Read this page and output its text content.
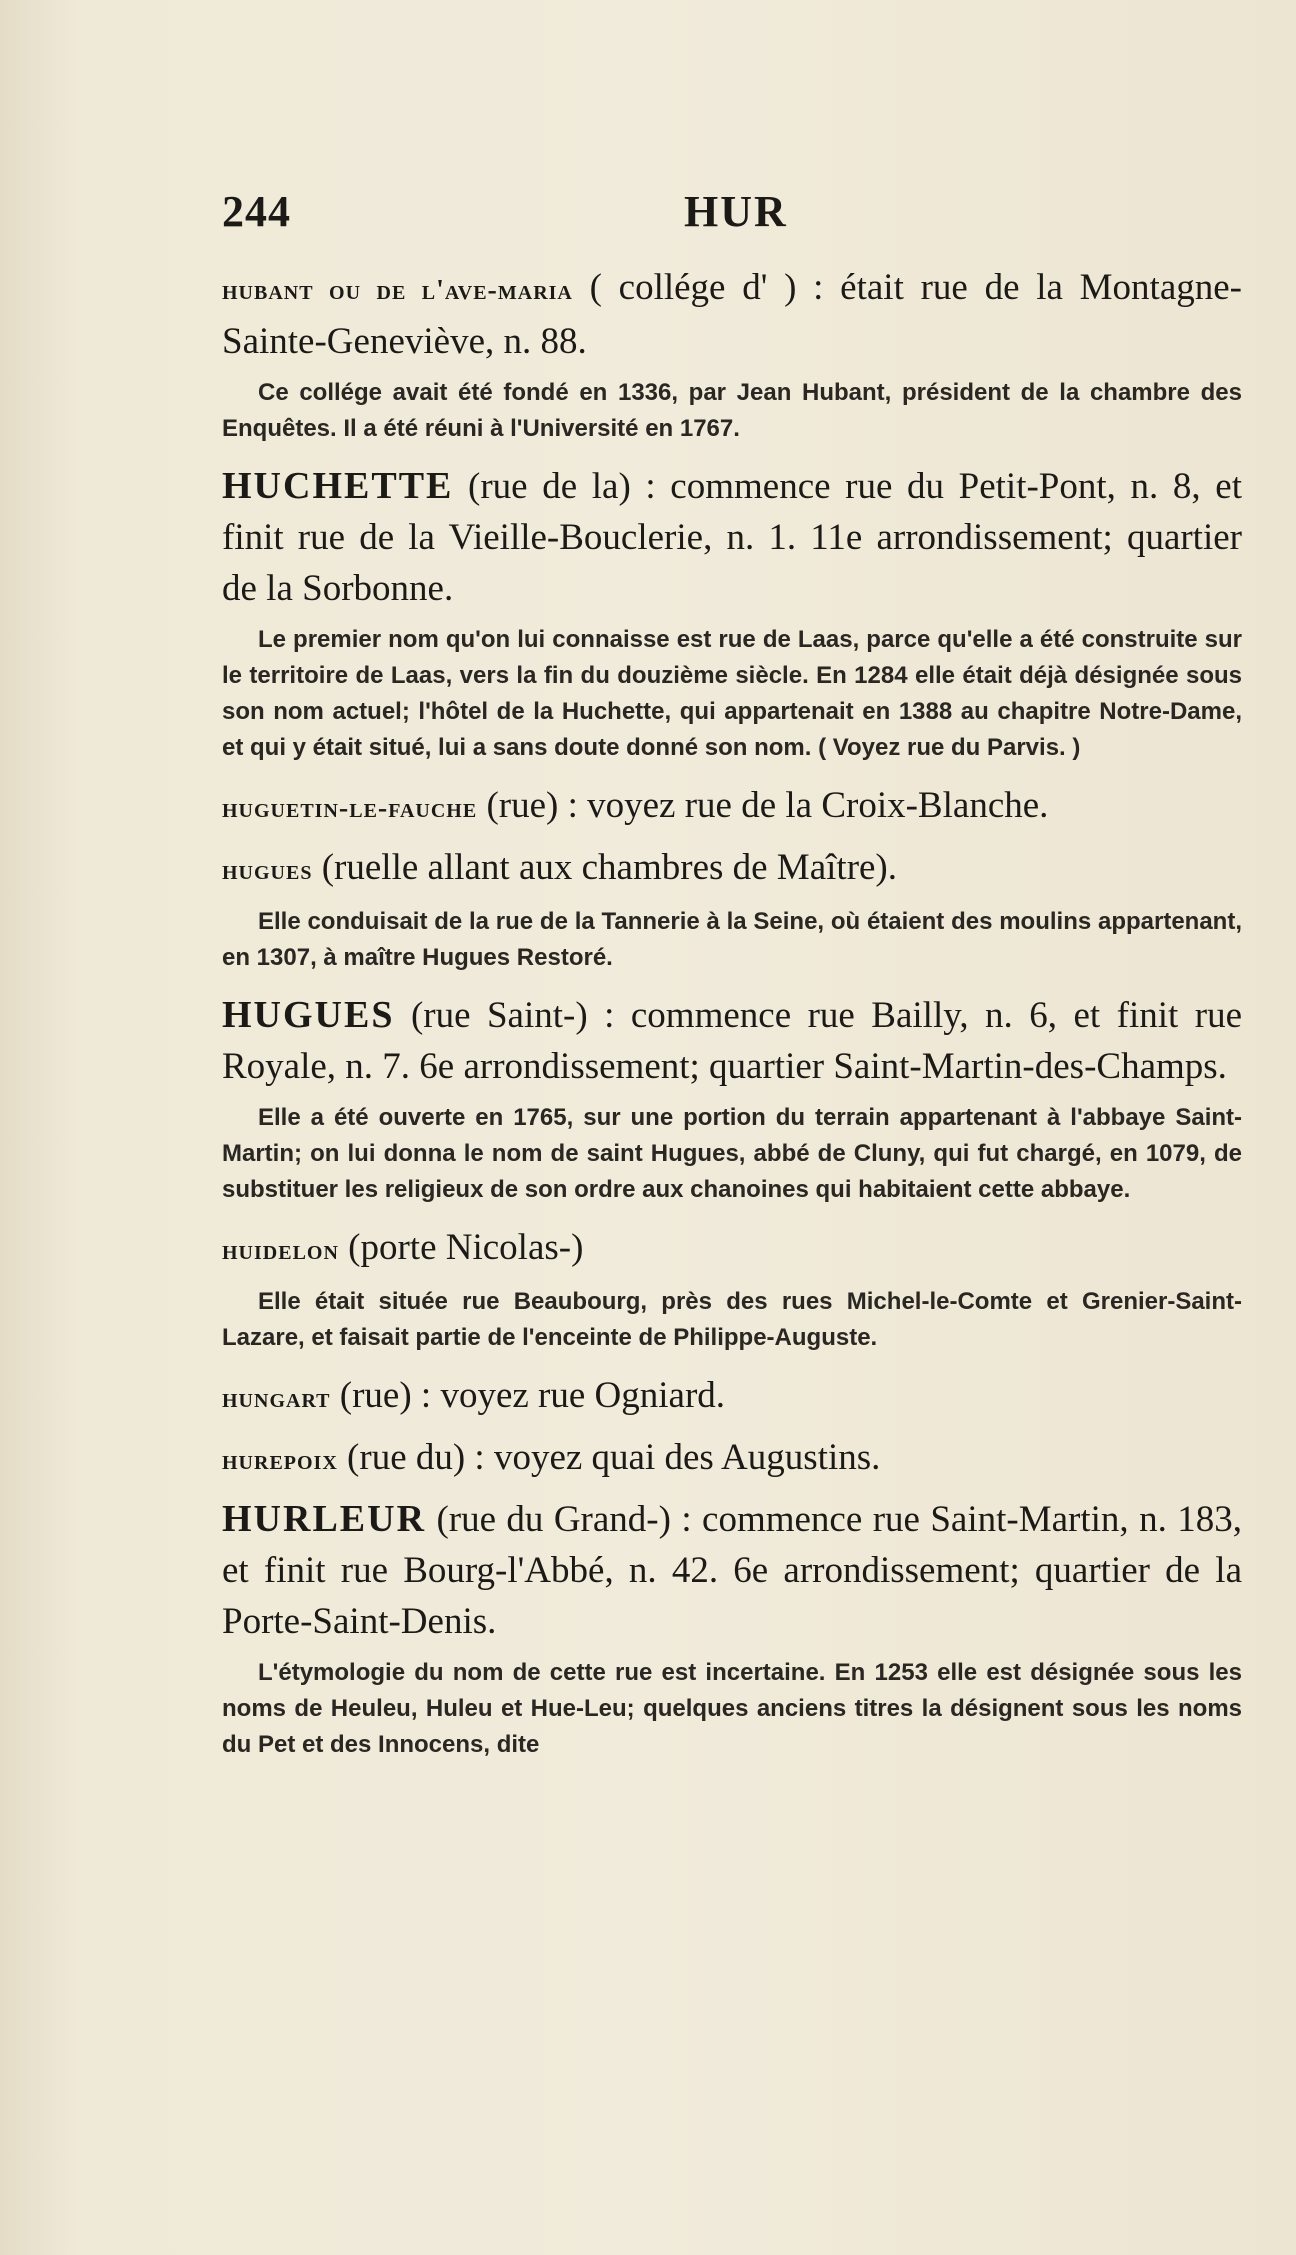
244	HUR

hubant ou de l'ave-maria ( collége d' ) : était rue de la Montagne-Sainte-Geneviève, n. 88.

Ce collége avait été fondé en 1336, par Jean Hubant, président de la chambre des Enquêtes. Il a été réuni à l'Université en 1767.

HUCHETTE (rue de la) : commence rue du Petit-Pont, n. 8, et finit rue de la Vieille-Bouclerie, n. 1. 11e arrondissement; quartier de la Sorbonne.

Le premier nom qu'on lui connaisse est rue de Laas, parce qu'elle a été construite sur le territoire de Laas, vers la fin du douzième siècle. En 1284 elle était déjà désignée sous son nom actuel; l'hôtel de la Huchette, qui appartenait en 1388 au chapitre Notre-Dame, et qui y était situé, lui a sans doute donné son nom. ( Voyez rue du Parvis. )

huguetin-le-fauche (rue) : voyez rue de la Croix-Blanche.

hugues (ruelle allant aux chambres de Maître).

Elle conduisait de la rue de la Tannerie à la Seine, où étaient des moulins appartenant, en 1307, à maître Hugues Restoré.

HUGUES (rue Saint-) : commence rue Bailly, n. 6, et finit rue Royale, n. 7. 6e arrondissement; quartier Saint-Martin-des-Champs.

Elle a été ouverte en 1765, sur une portion du terrain appartenant à l'abbaye Saint-Martin; on lui donna le nom de saint Hugues, abbé de Cluny, qui fut chargé, en 1079, de substituer les religieux de son ordre aux chanoines qui habitaient cette abbaye.

huidelon (porte Nicolas-)

Elle était située rue Beaubourg, près des rues Michel-le-Comte et Grenier-Saint-Lazare, et faisait partie de l'enceinte de Philippe-Auguste.

hungart (rue) : voyez rue Ogniard.

hurepoix (rue du) : voyez quai des Augustins.

HURLEUR (rue du Grand-) : commence rue Saint-Martin, n. 183, et finit rue Bourg-l'Abbé, n. 42. 6e arrondissement; quartier de la Porte-Saint-Denis.

L'étymologie du nom de cette rue est incertaine. En 1253 elle est désignée sous les noms de Heuleu, Huleu et Hue-Leu; quelques anciens titres la désignent sous les noms du Pet et des Innocens, dite
